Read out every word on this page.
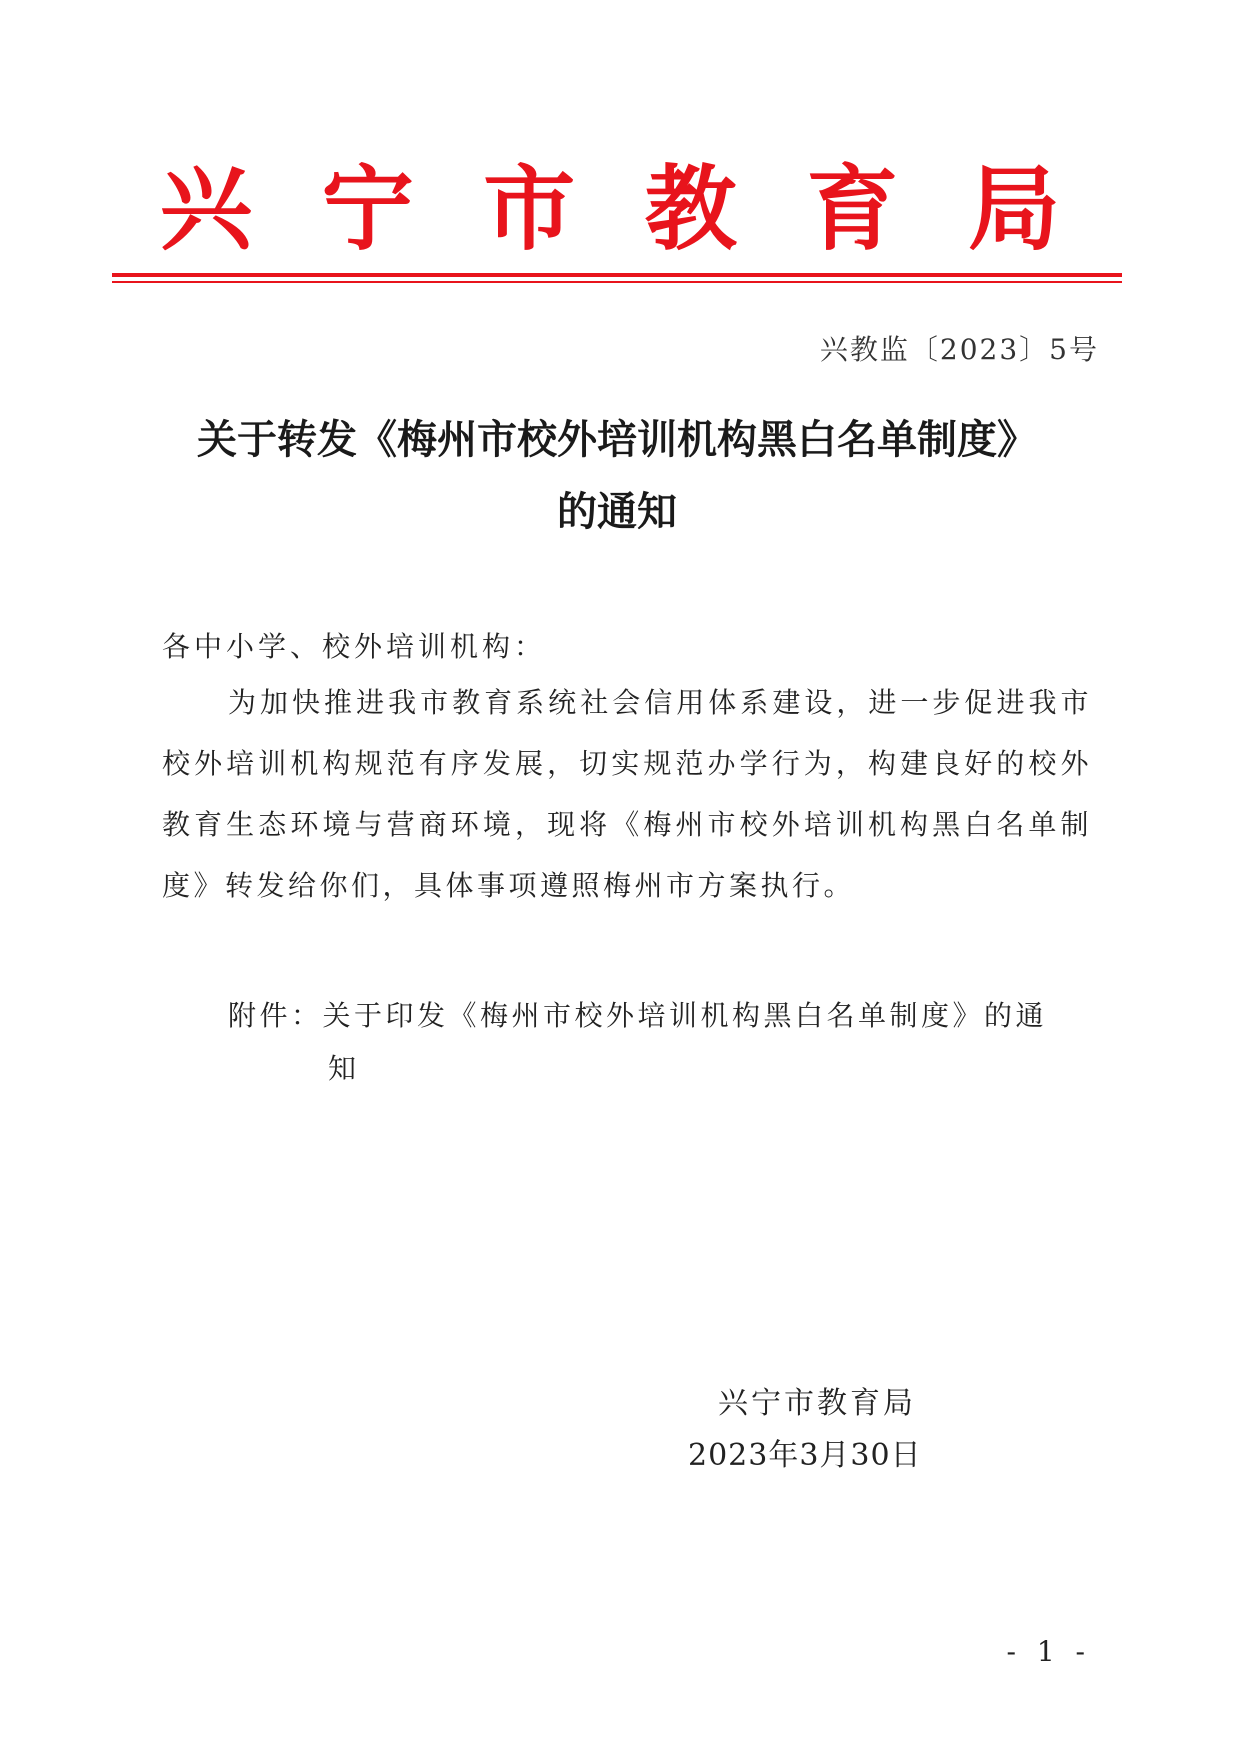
兴 宁 市 教 育 局
兴教监〔2023〕5号
关于转发《梅州市校外培训机构黑白名单制度》
的通知
各中小学、校外培训机构：

为加快推进我市教育系统社会信用体系建设，进一步促进我市校外培训机构规范有序发展，切实规范办学行为，构建良好的校外教育生态环境与营商环境，现将《梅州市校外培训机构黑白名单制度》转发给你们，具体事项遵照梅州市方案执行。

附件：关于印发《梅州市校外培训机构黑白名单制度》的通

知
兴宁市教育局
2023年3月30日
- 1 -
